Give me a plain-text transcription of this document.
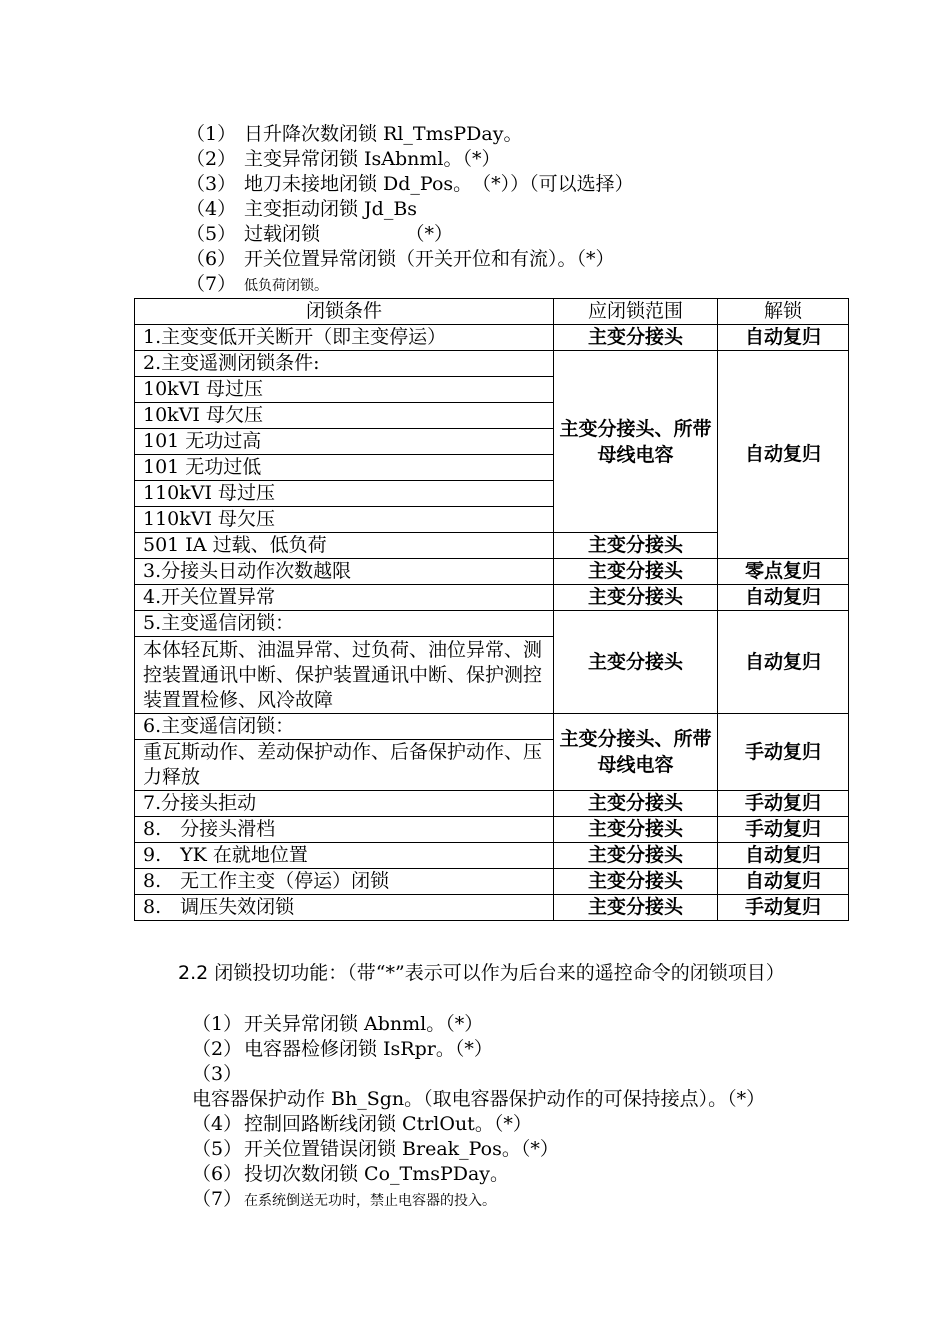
（1） 日升降次数闭锁 Rl_TmsPDay。
（2） 主变异常闭锁 IsAbnml。（*）
（3） 地刀未接地闭锁 Dd_Pos。　（*））（可以选择）
（4） 主变拒动闭锁 Jd_Bs
（5） 过载闭锁　　　　　（*）
（6） 开关位置异常闭锁（开关开位和有流）。（*）
（7） 低负荷闭锁。
闭锁条件	应闭锁范围	解锁
1.主变变低开关断开（即主变停运）	主变分接头	自动复归
2.主变遥测闭锁条件:	主变分接头、所带母线电容	自动复归
10kVI 母过压		
10kVI 母欠压		
101 无功过高		
101 无功过低		
110kVI 母过压		
110kVI 母欠压		
501 IA 过载、低负荷	主变分接头	
3.分接头日动作次数越限	主变分接头	零点复归
4.开关位置异常	主变分接头	自动复归
5.主变遥信闭锁：	主变分接头	自动复归
本体轻瓦斯、油温异常、过负荷、油位异常、测控装置通讯中断、保护装置通讯中断、保护测控装置置检修、风冷故障		
6.主变遥信闭锁：	主变分接头、所带母线电容	手动复归
重瓦斯动作、差动保护动作、后备保护动作、压力释放		
7.分接头拒动	主变分接头	手动复归
8.　分接头滑档	主变分接头	手动复归
9.　YK 在就地位置	主变分接头	自动复归
8.　无工作主变（停运）闭锁	主变分接头	自动复归
8.　调压失效闭锁	主变分接头	手动复归
2.2 闭锁投切功能：（带“*”表示可以作为后台来的遥控命令的闭锁项目）
（1） 开关异常闭锁 Abnml。（*）
（2） 电容器检修闭锁 IsRpr。（*）
（3）电容器保护动作 Bh_Sgn。（取电容器保护动作的可保持接点）。（*）
（4） 控制回路断线闭锁 CtrlOut。（*）
（5） 开关位置错误闭锁 Break_Pos。（*）
（6） 投切次数闭锁 Co_TmsPDay。
（7） 在系统倒送无功时，禁止电容器的投入。
